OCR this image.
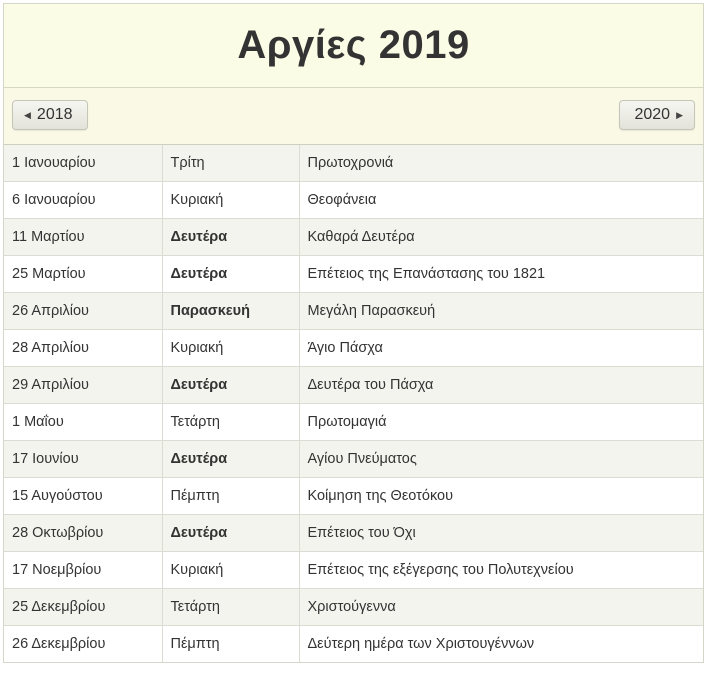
Αργίες 2019
◀ 2018	2020 ▶
1 Ιανουαρίου	Τρίτη	Πρωτοχρονιά
6 Ιανουαρίου	Κυριακή	Θεοφάνεια
11 Μαρτίου	Δευτέρα	Καθαρά Δευτέρα
25 Μαρτίου	Δευτέρα	Επέτειος της Επανάστασης του 1821
26 Απριλίου	Παρασκευή	Μεγάλη Παρασκευή
28 Απριλίου	Κυριακή	Άγιο Πάσχα
29 Απριλίου	Δευτέρα	Δευτέρα του Πάσχα
1 Μαΐου	Τετάρτη	Πρωτομαγιά
17 Ιουνίου	Δευτέρα	Αγίου Πνεύματος
15 Αυγούστου	Πέμπτη	Κοίμηση της Θεοτόκου
28 Οκτωβρίου	Δευτέρα	Επέτειος του Όχι
17 Νοεμβρίου	Κυριακή	Επέτειος της εξέγερσης του Πολυτεχνείου
25 Δεκεμβρίου	Τετάρτη	Χριστούγεννα
26 Δεκεμβρίου	Πέμπτη	Δεύτερη ημέρα των Χριστουγέννων
